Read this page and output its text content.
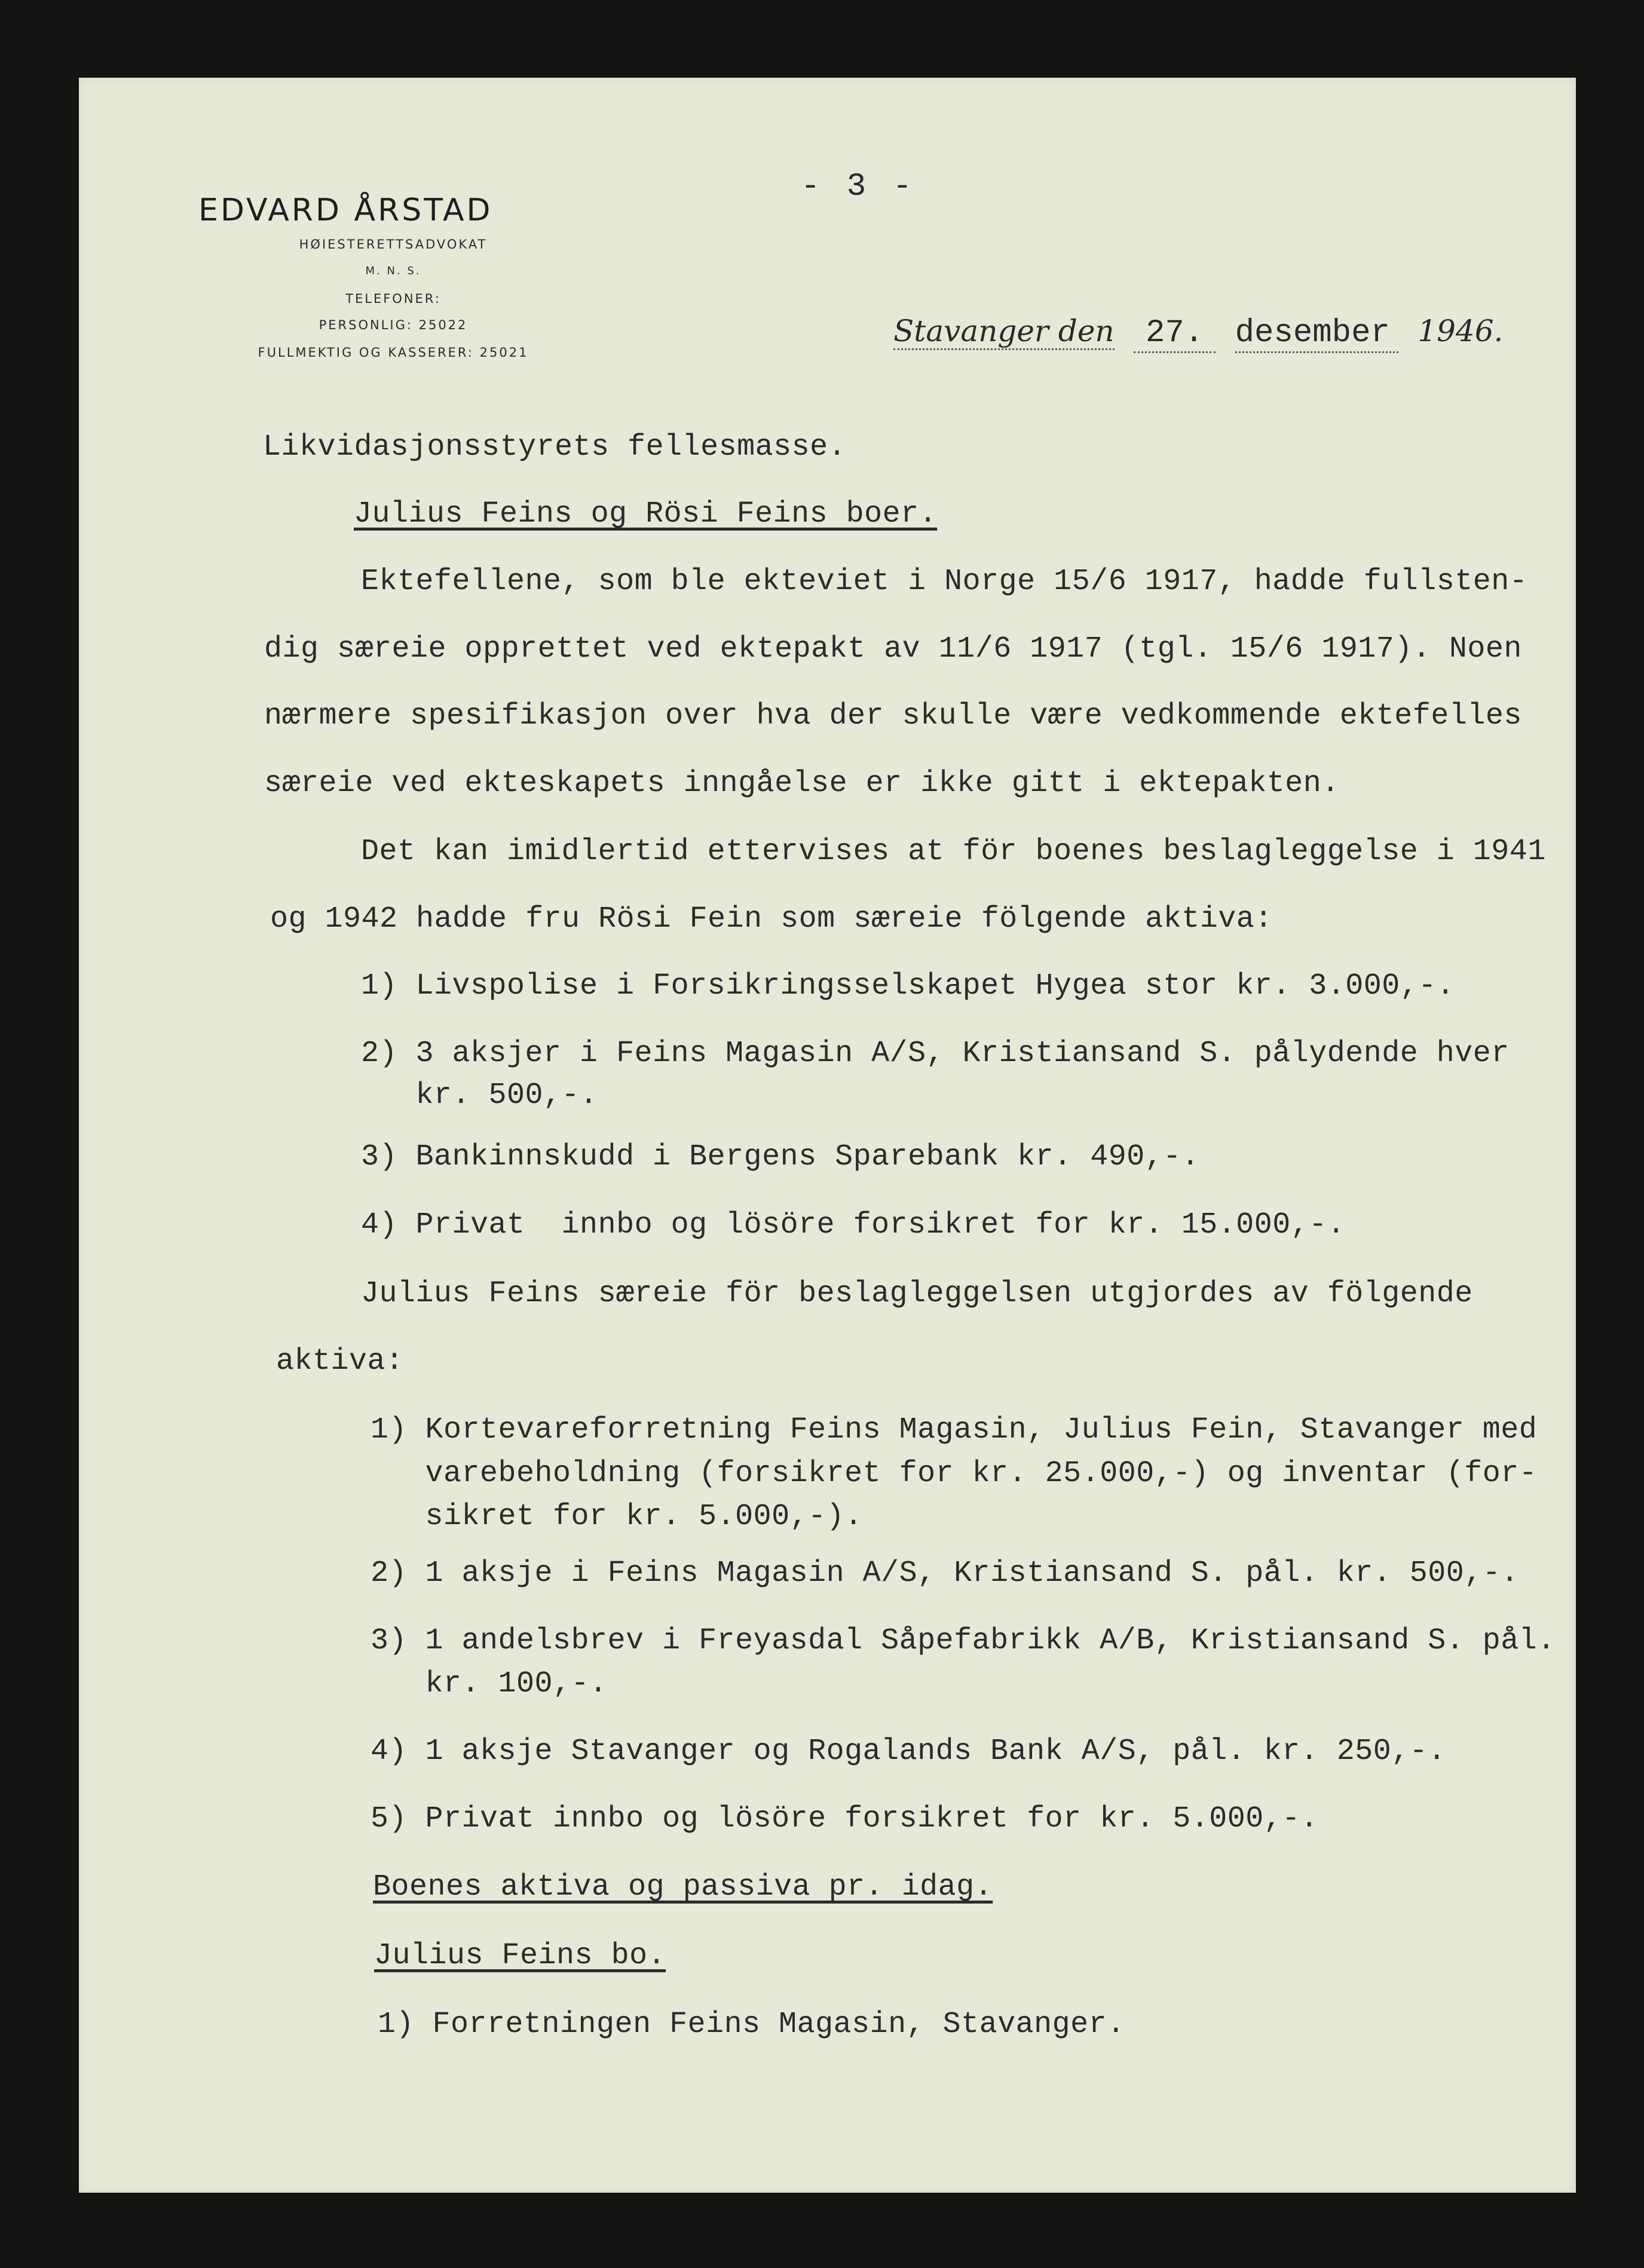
EDVARD ÅRSTAD
HØIESTERETTSADVOKAT
M. N. S.
TELEFONER:
PERSONLIG: 25022
FULLMEKTIG OG KASSERER: 25021
- 3 -
Stavanger den 27. desember 1946.
Likvidasjonsstyrets fellesmasse.
Julius Feins og Rösi Feins boer.
Ektefellene, som ble ekteviet i Norge 15/6 1917, hadde fullsten-
dig særeie opprettet ved ektepakt av 11/6 1917 (tgl. 15/6 1917). Noen
nærmere spesifikasjon over hva der skulle være vedkommende ektefelles
særeie ved ekteskapets inngåelse er ikke gitt i ektepakten.
Det kan imidlertid ettervises at för boenes beslagleggelse i 1941
og 1942 hadde fru Rösi Fein som særeie fölgende aktiva:
1) Livspolise i Forsikringsselskapet Hygea stor kr. 3.000,-.
2) 3 aksjer i Feins Magasin A/S, Kristiansand S. pålydende hver
kr. 500,-.
3) Bankinnskudd i Bergens Sparebank kr. 490,-.
4) Privat  innbo og lösöre forsikret for kr. 15.000,-.
Julius Feins særeie för beslagleggelsen utgjordes av fölgende
aktiva:
1) Kortevareforretning Feins Magasin, Julius Fein, Stavanger med
varebeholdning (forsikret for kr. 25.000,-) og inventar (for-
sikret for kr. 5.000,-).
2) 1 aksje i Feins Magasin A/S, Kristiansand S. pål. kr. 500,-.
3) 1 andelsbrev i Freyasdal Såpefabrikk A/B, Kristiansand S. pål.
kr. 100,-.
4) 1 aksje Stavanger og Rogalands Bank A/S, pål. kr. 250,-.
5) Privat innbo og lösöre forsikret for kr. 5.000,-.
Boenes aktiva og passiva pr. idag.
Julius Feins bo.
1) Forretningen Feins Magasin, Stavanger.
